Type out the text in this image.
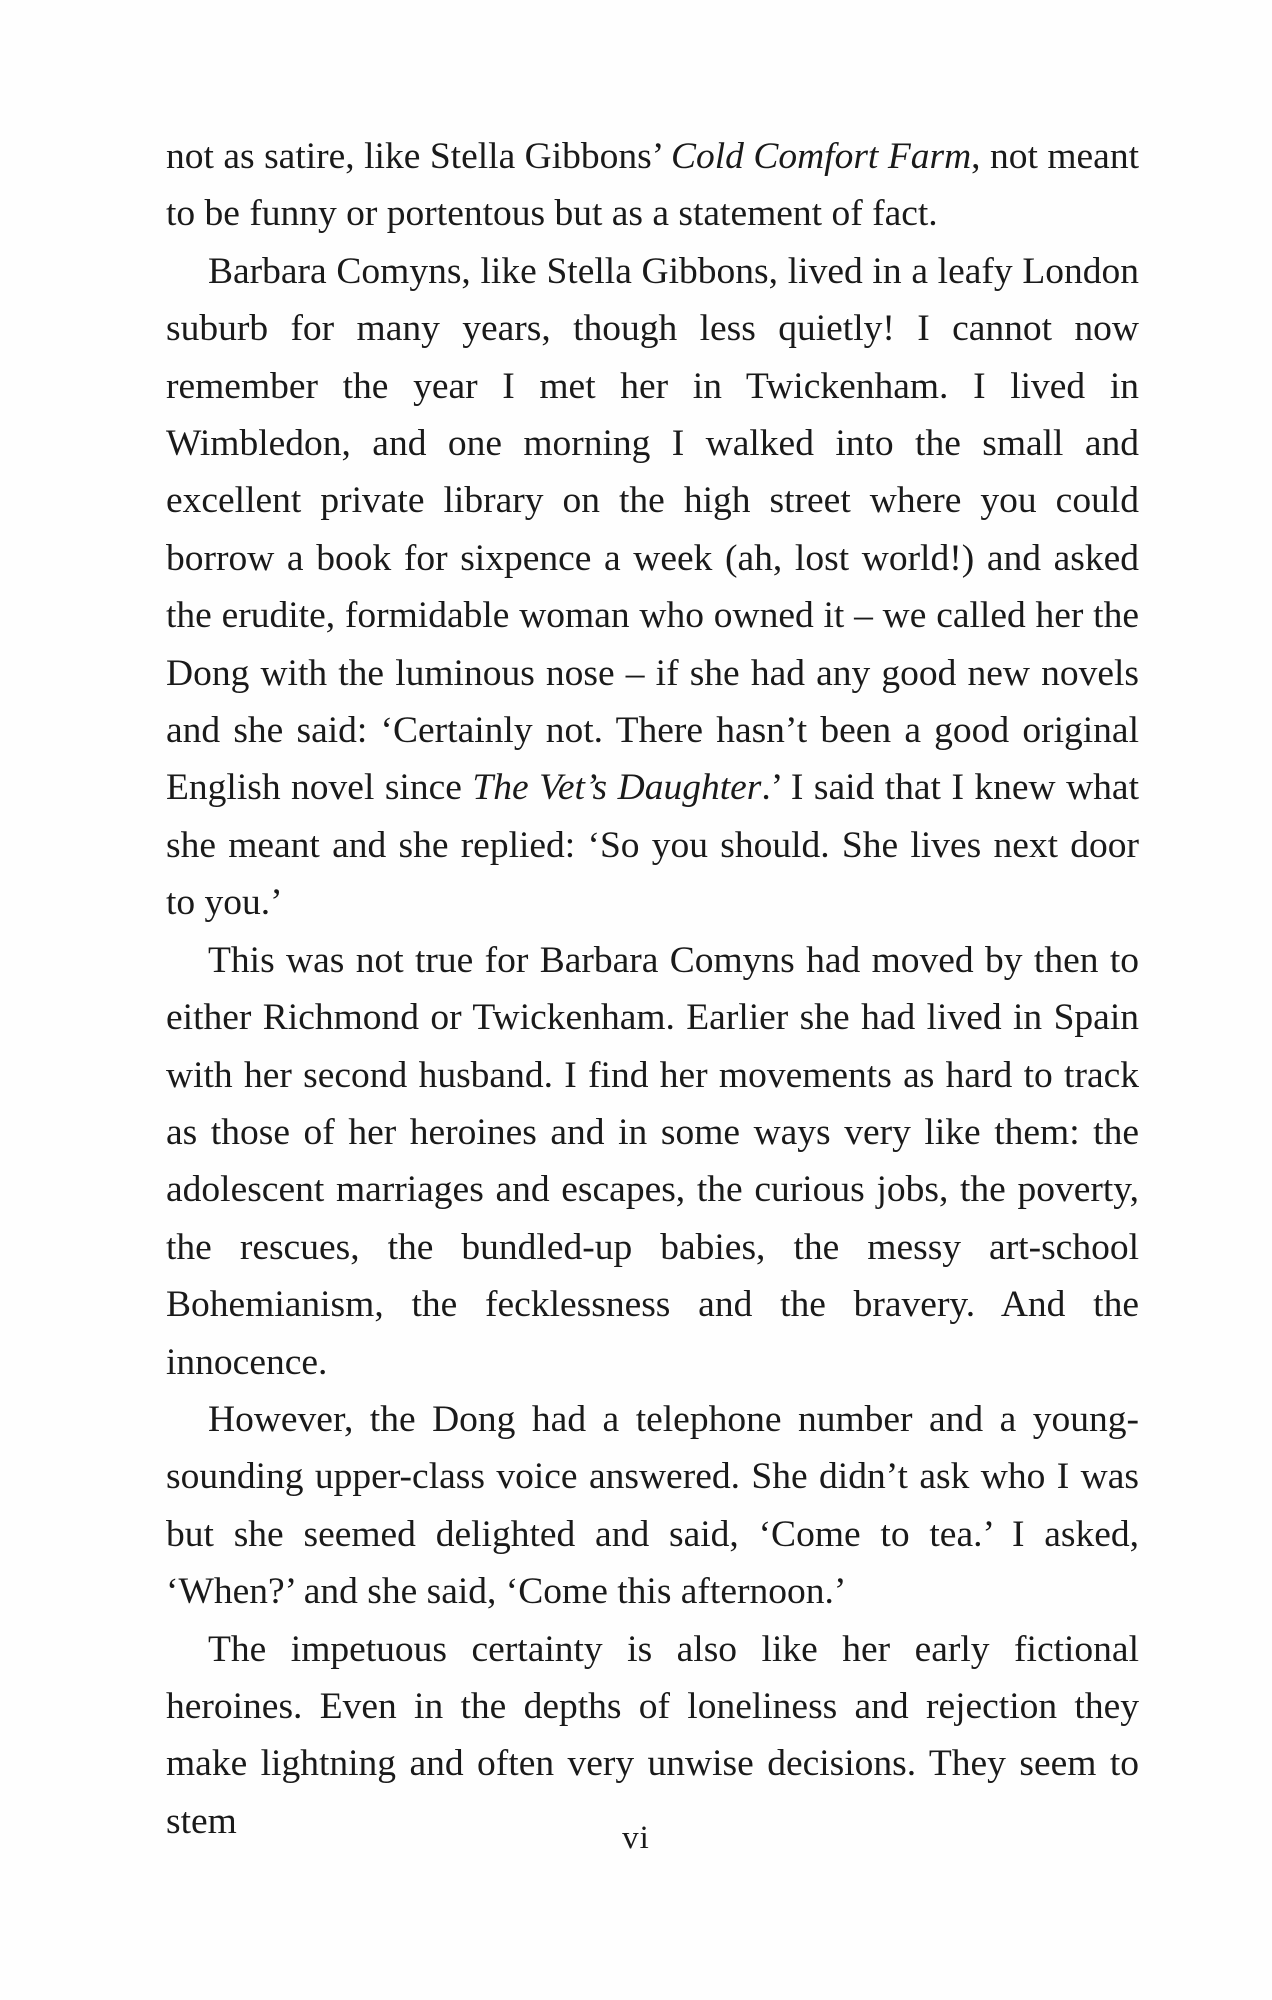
not as satire, like Stella Gibbons’ Cold Comfort Farm, not meant to be funny or portentous but as a statement of fact.

Barbara Comyns, like Stella Gibbons, lived in a leafy London suburb for many years, though less quietly! I cannot now remember the year I met her in Twickenham. I lived in Wimbledon, and one morning I walked into the small and excellent private library on the high street where you could borrow a book for sixpence a week (ah, lost world!) and asked the erudite, formidable woman who owned it – we called her the Dong with the luminous nose – if she had any good new novels and she said: ‘Certainly not. There hasn’t been a good original English novel since The Vet’s Daughter.’ I said that I knew what she meant and she replied: ‘So you should. She lives next door to you.’

This was not true for Barbara Comyns had moved by then to either Richmond or Twickenham. Earlier she had lived in Spain with her second husband. I find her movements as hard to track as those of her heroines and in some ways very like them: the adolescent marriages and escapes, the curious jobs, the poverty, the rescues, the bundled-up babies, the messy art-school Bohemianism, the fecklessness and the bravery. And the innocence.

However, the Dong had a telephone number and a young-sounding upper-class voice answered. She didn’t ask who I was but she seemed delighted and said, ‘Come to tea.’ I asked, ‘When?’ and she said, ‘Come this afternoon.’

The impetuous certainty is also like her early fictional heroines. Even in the depths of loneliness and rejection they make lightning and often very unwise decisions. They seem to stem	vi
